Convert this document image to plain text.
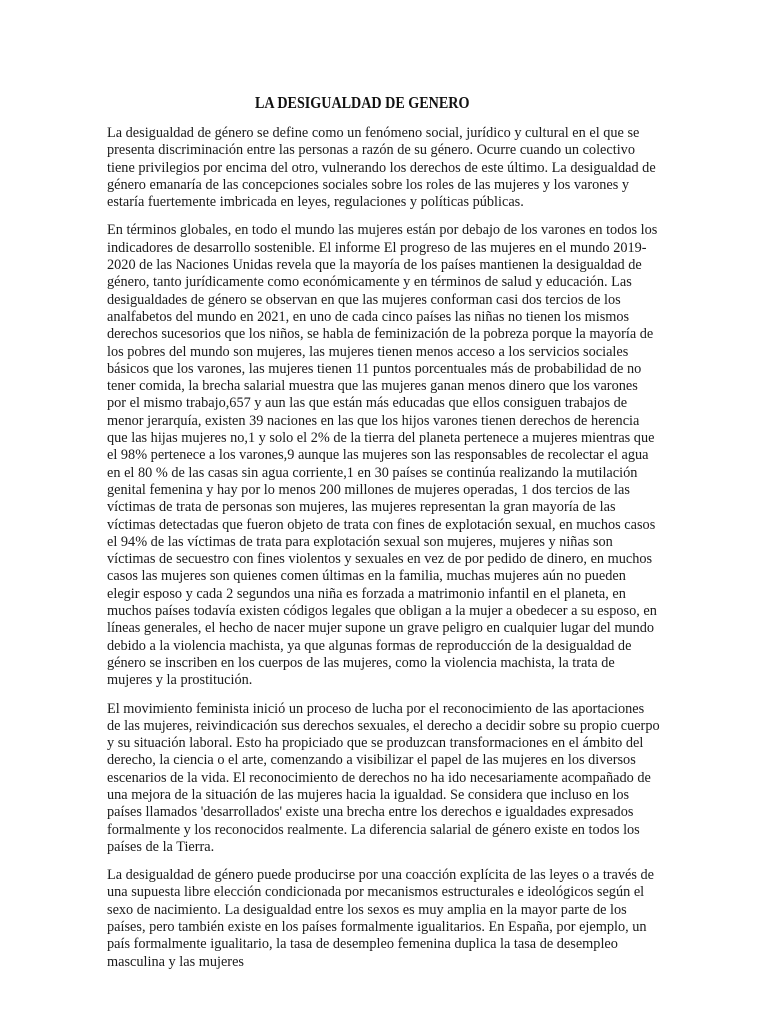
LA DESIGUALDAD DE GENERO

La desigualdad de género se define como un fenómeno social, jurídico y cultural en el que se presenta discriminación entre las personas a razón de su género. Ocurre cuando un colectivo tiene privilegios por encima del otro, vulnerando los derechos de este último. La desigualdad de género emanaría de las concepciones sociales sobre los roles de las mujeres y los varones y estaría fuertemente imbricada en leyes, regulaciones y políticas públicas.

En términos globales, en todo el mundo las mujeres están por debajo de los varones en todos los indicadores de desarrollo sostenible. El informe El progreso de las mujeres en el mundo 2019-2020 de las Naciones Unidas revela que la mayoría de los países mantienen la desigualdad de género, tanto jurídicamente como económicamente y en términos de salud y educación. Las desigualdades de género se observan en que las mujeres conforman casi dos tercios de los analfabetos del mundo en 2021, en uno de cada cinco países las niñas no tienen los mismos derechos sucesorios que los niños, se habla de feminización de la pobreza porque la mayoría de los pobres del mundo son mujeres, las mujeres tienen menos acceso a los servicios sociales básicos que los varones, las mujeres tienen 11 puntos porcentuales más de probabilidad de no tener comida, la brecha salarial muestra que las mujeres ganan menos dinero que los varones por el mismo trabajo,657 y aun las que están más educadas que ellos consiguen trabajos de menor jerarquía, existen 39 naciones en las que los hijos varones tienen derechos de herencia que las hijas mujeres no,1 y solo el 2% de la tierra del planeta pertenece a mujeres mientras que el 98% pertenece a los varones,9 aunque las mujeres son las responsables de recolectar el agua en el 80 % de las casas sin agua corriente,1 en 30 países se continúa realizando la mutilación genital femenina y hay por lo menos 200 millones de mujeres operadas, 1 dos tercios de las víctimas de trata de personas son mujeres, las mujeres representan la gran mayoría de las víctimas detectadas que fueron objeto de trata con fines de explotación sexual, en muchos casos el 94% de las víctimas de trata para explotación sexual son mujeres, mujeres y niñas son víctimas de secuestro con fines violentos y sexuales en vez de por pedido de dinero, en muchos casos las mujeres son quienes comen últimas en la familia, muchas mujeres aún no pueden elegir esposo y cada 2 segundos una niña es forzada a matrimonio infantil en el planeta, en muchos países todavía existen códigos legales que obligan a la mujer a obedecer a su esposo, en líneas generales, el hecho de nacer mujer supone un grave peligro en cualquier lugar del mundo debido a la violencia machista, ya que algunas formas de reproducción de la desigualdad de género se inscriben en los cuerpos de las mujeres, como la violencia machista, la trata de mujeres y la prostitución.

El movimiento feminista inició un proceso de lucha por el reconocimiento de las aportaciones de las mujeres, reivindicación sus derechos sexuales, el derecho a decidir sobre su propio cuerpo y su situación laboral. Esto ha propiciado que se produzcan transformaciones en el ámbito del derecho, la ciencia o el arte, comenzando a visibilizar el papel de las mujeres en los diversos escenarios de la vida. El reconocimiento de derechos no ha ido necesariamente acompañado de una mejora de la situación de las mujeres hacia la igualdad. Se considera que incluso en los países llamados 'desarrollados' existe una brecha entre los derechos e igualdades expresados formalmente y los reconocidos realmente. La diferencia salarial de género existe en todos los países de la Tierra.

La desigualdad de género puede producirse por una coacción explícita de las leyes o a través de una supuesta libre elección condicionada por mecanismos estructurales e ideológicos según el sexo de nacimiento. La desigualdad entre los sexos es muy amplia en la mayor parte de los países, pero también existe en los países formalmente igualitarios. En España, por ejemplo, un país formalmente igualitario, la tasa de desempleo femenina duplica la tasa de desempleo masculina y las mujeres
